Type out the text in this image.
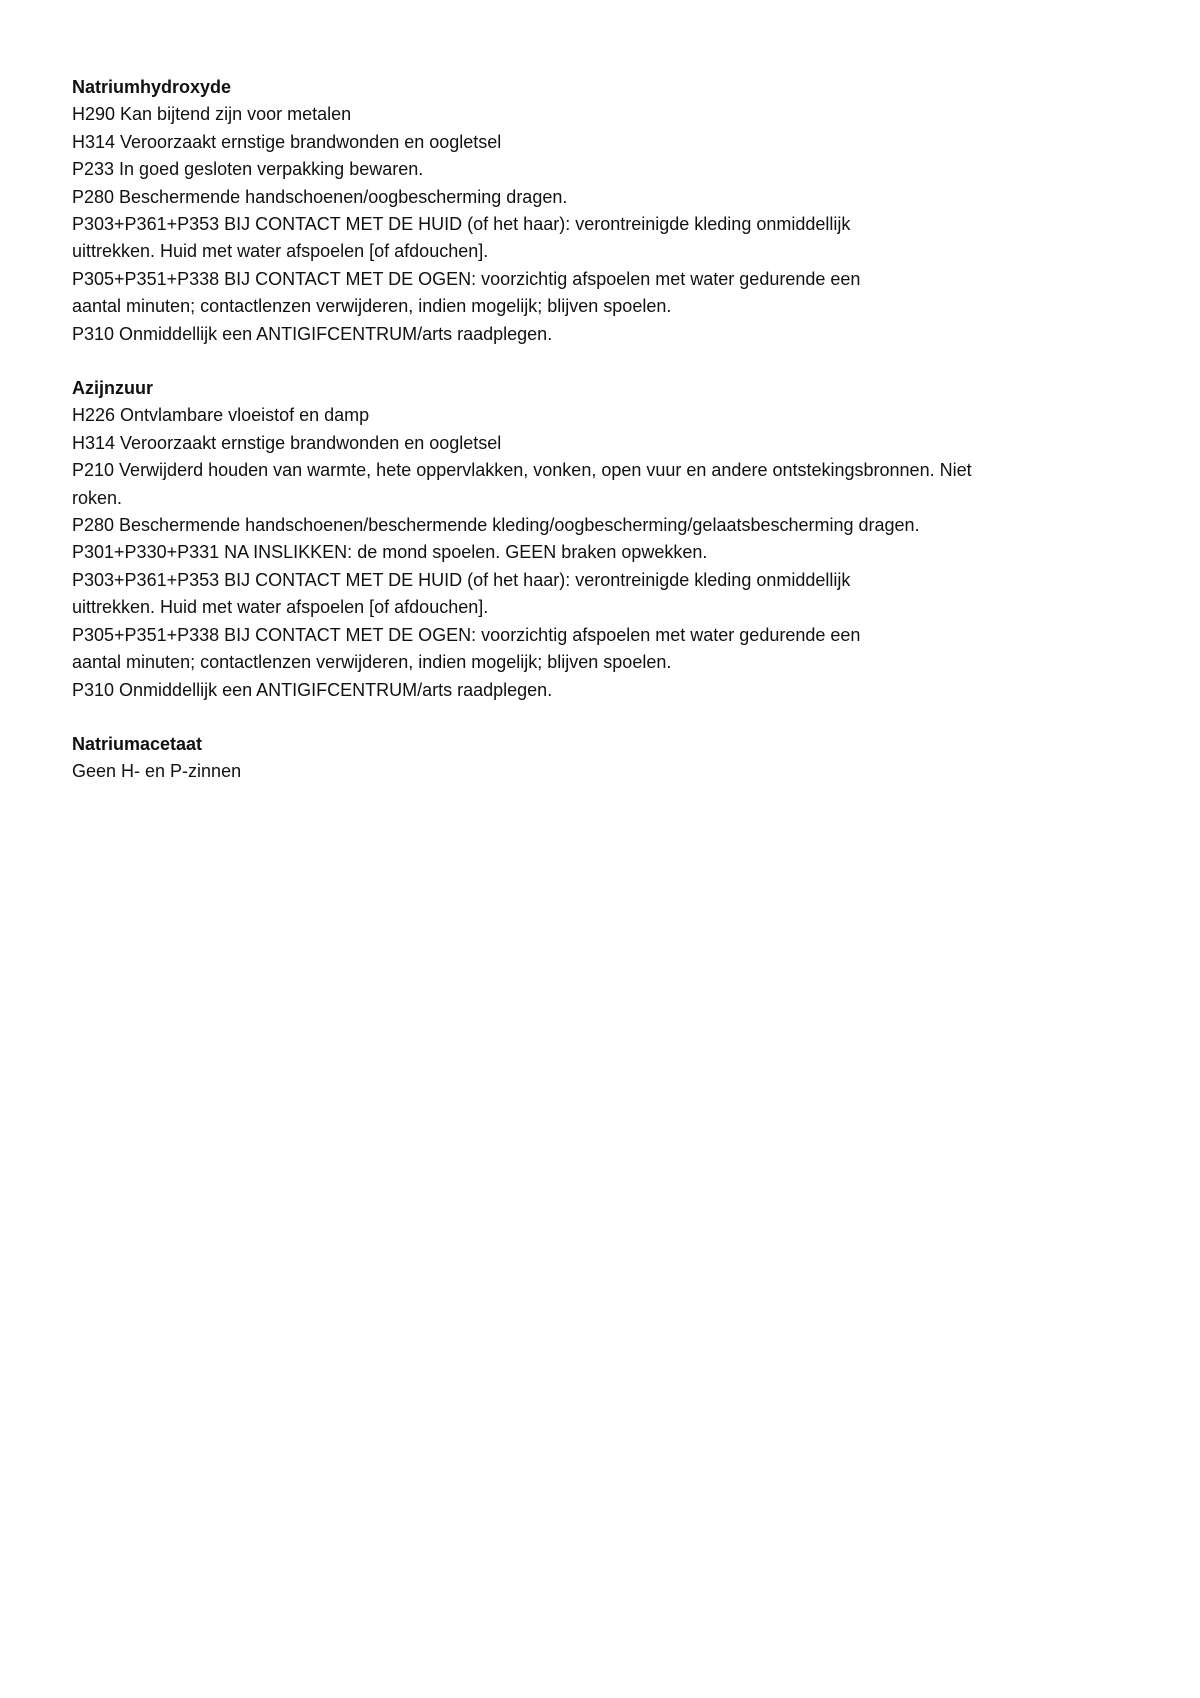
Natriumhydroxyde
H290 Kan bijtend zijn voor metalen
H314 Veroorzaakt ernstige brandwonden en oogletsel
P233 In goed gesloten verpakking bewaren.
P280 Beschermende handschoenen/oogbescherming dragen.
P303+P361+P353 BIJ CONTACT MET DE HUID (of het haar): verontreinigde kleding onmiddellijk
uittrekken. Huid met water afspoelen [of afdouchen].
P305+P351+P338 BIJ CONTACT MET DE OGEN: voorzichtig afspoelen met water gedurende een
aantal minuten; contactlenzen verwijderen, indien mogelijk; blijven spoelen.
P310 Onmiddellijk een ANTIGIFCENTRUM/arts raadplegen.
Azijnzuur
H226 Ontvlambare vloeistof en damp
H314 Veroorzaakt ernstige brandwonden en oogletsel
P210 Verwijderd houden van warmte, hete oppervlakken, vonken, open vuur en andere ontstekingsbronnen. Niet
roken.
P280 Beschermende handschoenen/beschermende kleding/oogbescherming/gelaatsbescherming dragen.
P301+P330+P331 NA INSLIKKEN: de mond spoelen. GEEN braken opwekken.
P303+P361+P353 BIJ CONTACT MET DE HUID (of het haar): verontreinigde kleding onmiddellijk
uittrekken. Huid met water afspoelen [of afdouchen].
P305+P351+P338 BIJ CONTACT MET DE OGEN: voorzichtig afspoelen met water gedurende een
aantal minuten; contactlenzen verwijderen, indien mogelijk; blijven spoelen.
P310 Onmiddellijk een ANTIGIFCENTRUM/arts raadplegen.
Natriumacetaat
Geen H- en P-zinnen
